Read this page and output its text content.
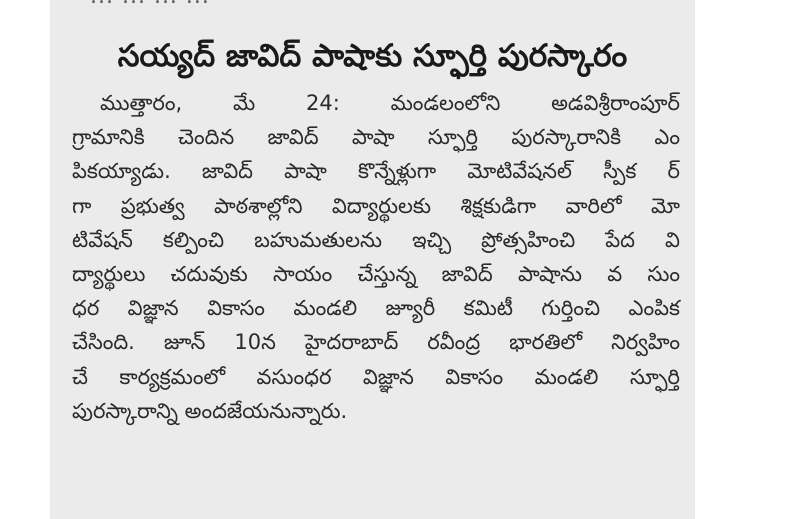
సయ్యద్ జావిద్ పాషాకు స్ఫూర్తి పురస్కారం
ముత్తారం, మే 24: మండలంలోని అడవిశ్రీరాంపూర్
గ్రామానికి చెందిన జావిద్ పాషా స్ఫూర్తి పురస్కారానికి ఎం
పికయ్యాడు. జావిద్ పాషా కొన్నేళ్లుగా మోటివేషనల్ స్పీక ర్
గా ప్రభుత్వ పాఠశాల్లోని విద్యార్థులకు శిక్షకుడిగా వారిలో మో
టివేషన్ కల్పించి బహుమతులను ఇచ్చి ప్రోత్సహించి పేద వి
ద్యార్థులు చదువుకు సాయం చేస్తున్న జావిద్ పాషాను వ సుం
ధర విజ్ఞాన వికాసం మండలి జ్యూరీ కమిటీ గుర్తించి ఎంపిక
చేసింది. జూన్ 10న హైదరాబాద్ రవీంద్ర భారతిలో నిర్వహిం
చే కార్యక్రమంలో వసుంధర విజ్ఞాన వికాసం మండలి స్ఫూర్తి
పురస్కారాన్ని అందజేయనున్నారు.
